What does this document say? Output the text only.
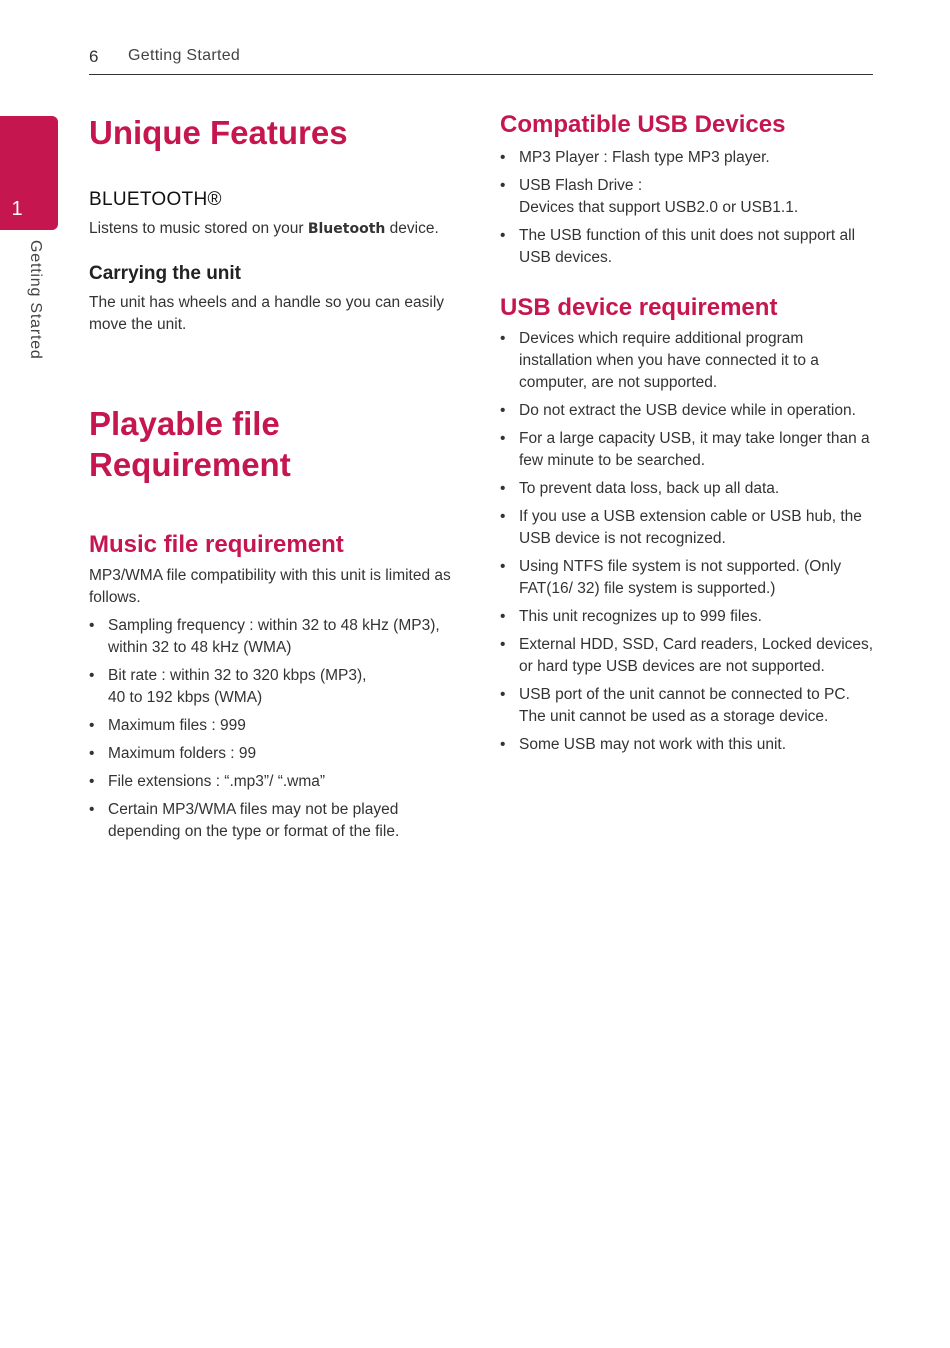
6 Getting Started
1
Getting Started
Unique Features
BLUETOOTH®

Listens to music stored on your Bluetooth device.

Carrying the unit

The unit has wheels and a handle so you can easily move the unit.

Playable file
Requirement
Music file requirement

MP3/WMA file compatibility with this unit is limited as follows.

• Sampling frequency : within 32 to 48 kHz (MP3),
within 32 to 48 kHz (WMA)
• Bit rate : within 32 to 320 kbps (MP3),
40 to 192 kbps (WMA)
• Maximum files : 999
• Maximum folders : 99
• File extensions : “.mp3”/ “.wma”
• Certain MP3/WMA files may not be played depending on the type or format of the file.
Compatible USB Devices
• MP3 Player : Flash type MP3 player.
• USB Flash Drive :
Devices that support USB2.0 or USB1.1.
• The USB function of this unit does not support all USB devices.
USB device requirement
• Devices which require additional program installation when you have connected it to a computer, are not supported.
• Do not extract the USB device while in operation.
• For a large capacity USB, it may take longer than a few minute to be searched.
• To prevent data loss, back up all data.
• If you use a USB extension cable or USB hub, the USB device is not recognized.
• Using NTFS file system is not supported. (Only FAT(16/ 32) file system is supported.)
• This unit recognizes up to 999 files.
• External HDD, SSD, Card readers, Locked devices, or hard type USB devices are not supported.
• USB port of the unit cannot be connected to PC.
The unit cannot be used as a storage device.
• Some USB may not work with this unit.
